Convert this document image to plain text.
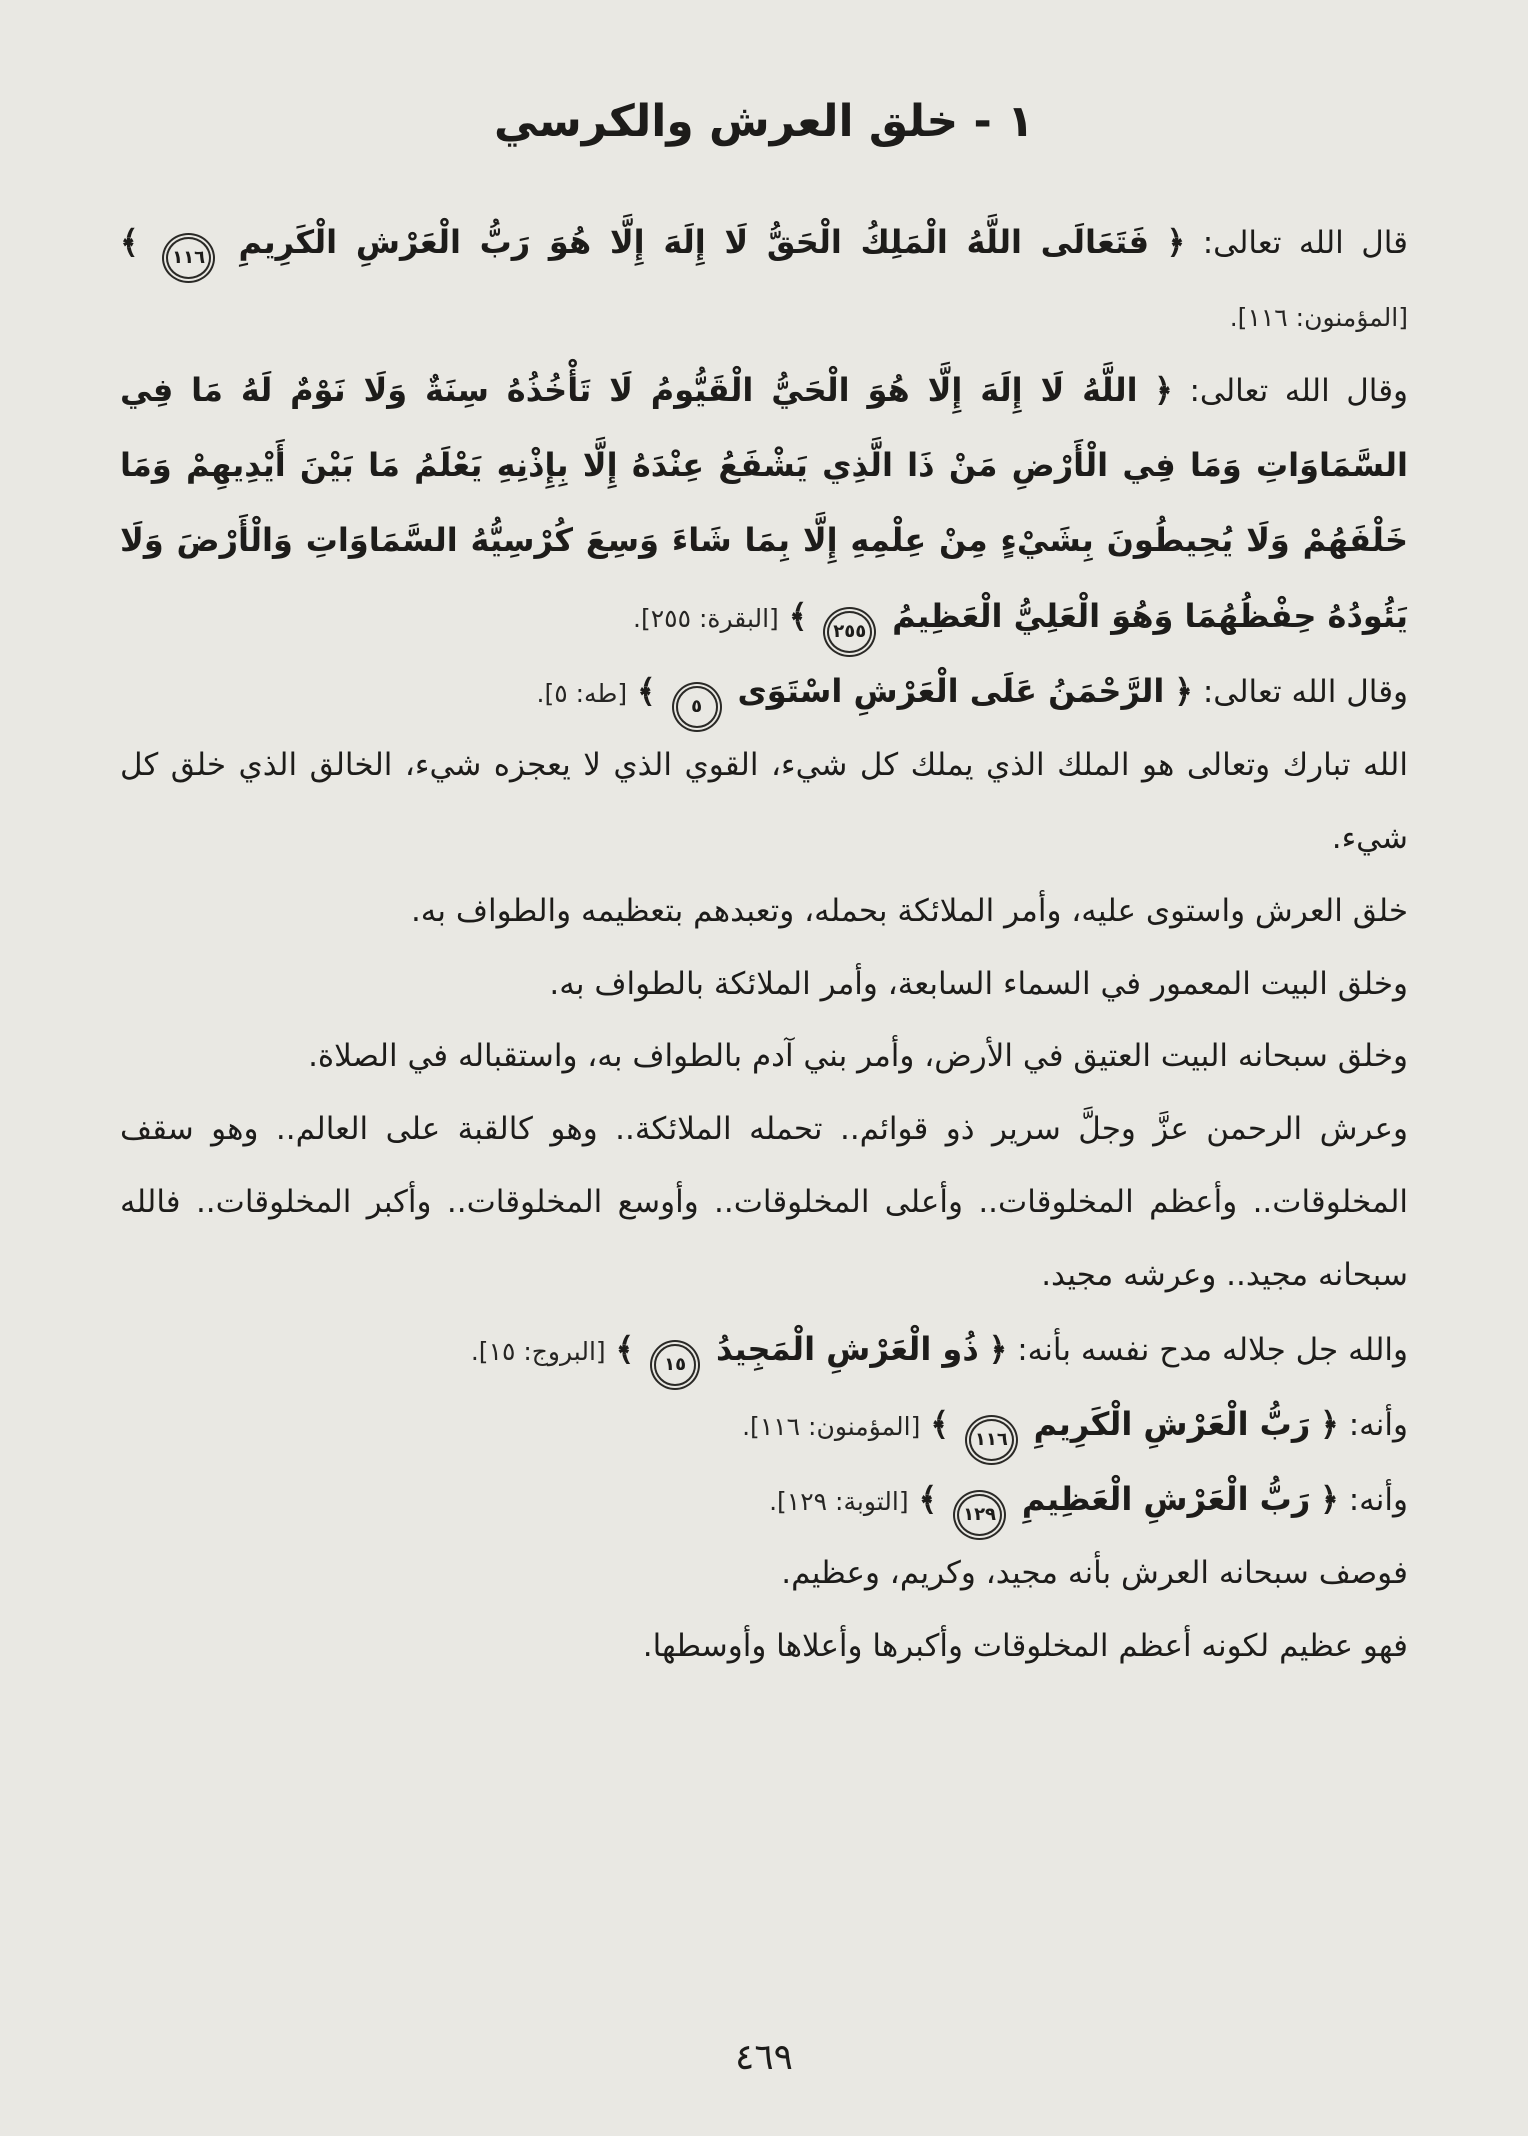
١ - خلق العرش والكرسي

قال الله تعالى: ﴿ فَتَعَالَى اللَّهُ الْمَلِكُ الْحَقُّ لَا إِلَهَ إِلَّا هُوَ رَبُّ الْعَرْشِ الْكَرِيمِ
١١٦
﴾ [المؤمنون: ١١٦].

وقال الله تعالى: ﴿ اللَّهُ لَا إِلَهَ إِلَّا هُوَ الْحَيُّ الْقَيُّومُ لَا تَأْخُذُهُ سِنَةٌ وَلَا نَوْمٌ لَهُ مَا فِي السَّمَاوَاتِ وَمَا فِي الْأَرْضِ مَنْ ذَا الَّذِي يَشْفَعُ عِنْدَهُ إِلَّا بِإِذْنِهِ يَعْلَمُ مَا بَيْنَ أَيْدِيهِمْ وَمَا خَلْفَهُمْ وَلَا يُحِيطُونَ بِشَيْءٍ مِنْ عِلْمِهِ إِلَّا بِمَا شَاءَ وَسِعَ كُرْسِيُّهُ السَّمَاوَاتِ وَالْأَرْضَ وَلَا يَئُودُهُ حِفْظُهُمَا وَهُوَ الْعَلِيُّ الْعَظِيمُ
٢٥٥
﴾ [البقرة: ٢٥٥].

وقال الله تعالى: ﴿ الرَّحْمَنُ عَلَى الْعَرْشِ اسْتَوَى
٥
﴾ [طه: ٥].

الله تبارك وتعالى هو الملك الذي يملك كل شيء، القوي الذي لا يعجزه شيء، الخالق الذي خلق كل شيء.

خلق العرش واستوى عليه، وأمر الملائكة بحمله، وتعبدهم بتعظيمه والطواف به.

وخلق البيت المعمور في السماء السابعة، وأمر الملائكة بالطواف به.

وخلق سبحانه البيت العتيق في الأرض، وأمر بني آدم بالطواف به، واستقباله في الصلاة.

وعرش الرحمن عزَّ وجلَّ سرير ذو قوائم.. تحمله الملائكة.. وهو كالقبة على العالم.. وهو سقف المخلوقات.. وأعظم المخلوقات.. وأعلى المخلوقات.. وأوسع المخلوقات.. وأكبر المخلوقات.. فالله سبحانه مجيد.. وعرشه مجيد.

والله جل جلاله مدح نفسه بأنه: ﴿ ذُو الْعَرْشِ الْمَجِيدُ
١٥
﴾ [البروج: ١٥].

وأنه: ﴿ رَبُّ الْعَرْشِ الْكَرِيمِ
١١٦
﴾ [المؤمنون: ١١٦].

وأنه: ﴿ رَبُّ الْعَرْشِ الْعَظِيمِ
١٢٩
﴾ [التوبة: ١٢٩].

فوصف سبحانه العرش بأنه مجيد، وكريم، وعظيم.

فهو عظيم لكونه أعظم المخلوقات وأكبرها وأعلاها وأوسطها.

٤٦٩
